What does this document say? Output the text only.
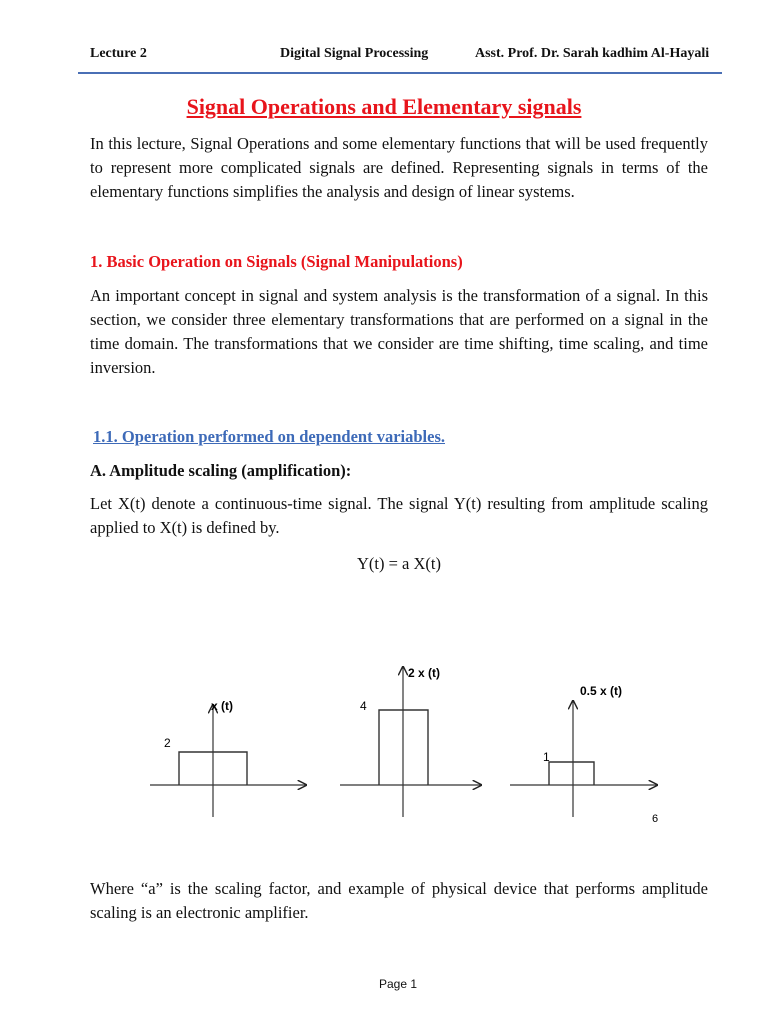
Lecture 2	Digital Signal Processing	Asst. Prof. Dr. Sarah kadhim Al-Hayali
Signal Operations and Elementary signals

In this lecture, Signal Operations and some elementary functions that will be used frequently to represent more complicated signals are defined. Representing signals in terms of the elementary functions simplifies the analysis and design of linear systems.

1. Basic Operation on Signals (Signal Manipulations)

An important concept in signal and system analysis is the transformation of a signal. In this section, we consider three elementary transformations that are performed on a signal in the time domain. The transformations that we consider are time shifting, time scaling, and time inversion.

1.1. Operation performed on dependent variables.
A. Amplitude scaling (amplification):

Let X(t) denote a continuous-time signal. The signal Y(t) resulting from amplitude scaling applied to X(t) is defined by.

Y(t) = a X(t)
x (t)
2
2 x (t)
4
0.5 x (t)
1
6

Where “a” is the scaling factor, and example of physical device that performs amplitude scaling is an electronic amplifier.

Page 1
